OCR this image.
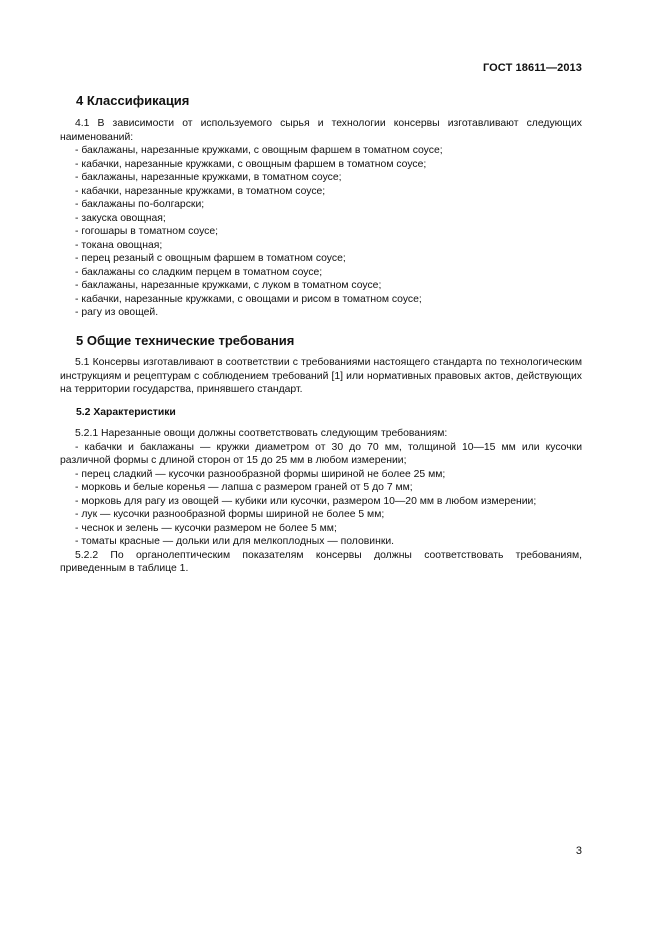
ГОСТ 18611—2013
4 Классификация

4.1 В зависимости от используемого сырья и технологии консервы изготавливают следующих наименований:

- баклажаны, нарезанные кружками, с овощным фаршем в томатном соусе;

- кабачки, нарезанные кружками, с овощным фаршем в томатном соусе;

- баклажаны, нарезанные кружками, в томатном соусе;

- кабачки, нарезанные кружками, в томатном соусе;

- баклажаны по-болгарски;

- закуска овощная;

- гогошары в томатном соусе;

- токана овощная;

- перец резаный с овощным фаршем в томатном соусе;

- баклажаны со сладким перцем в томатном соусе;

- баклажаны, нарезанные кружками, с луком в томатном соусе;

- кабачки, нарезанные кружками, с овощами и рисом в томатном соусе;

- рагу из овощей.

5 Общие технические требования

5.1 Консервы изготавливают в соответствии с требованиями настоящего стандарта по технологическим инструкциям и рецептурам с соблюдением требований [1] или нормативных правовых актов, действующих на территории государства, принявшего стандарт.

5.2 Характеристики

5.2.1 Нарезанные овощи должны соответствовать следующим требованиям:

- кабачки и баклажаны — кружки диаметром от 30 до 70 мм, толщиной 10—15 мм или кусочки различной формы с длиной сторон от 15 до 25 мм в любом измерении;

- перец сладкий — кусочки разнообразной формы шириной не более 25 мм;

- морковь и белые коренья — лапша с размером граней от 5 до 7 мм;

- морковь для рагу из овощей — кубики или кусочки, размером 10—20 мм в любом измерении;

- лук — кусочки разнообразной формы шириной не более 5 мм;

- чеснок и зелень — кусочки размером не более 5 мм;

- томаты красные — дольки или для мелкоплодных — половинки.

5.2.2 По органолептическим показателям консервы должны соответствовать требованиям, приведенным в таблице 1.

3
